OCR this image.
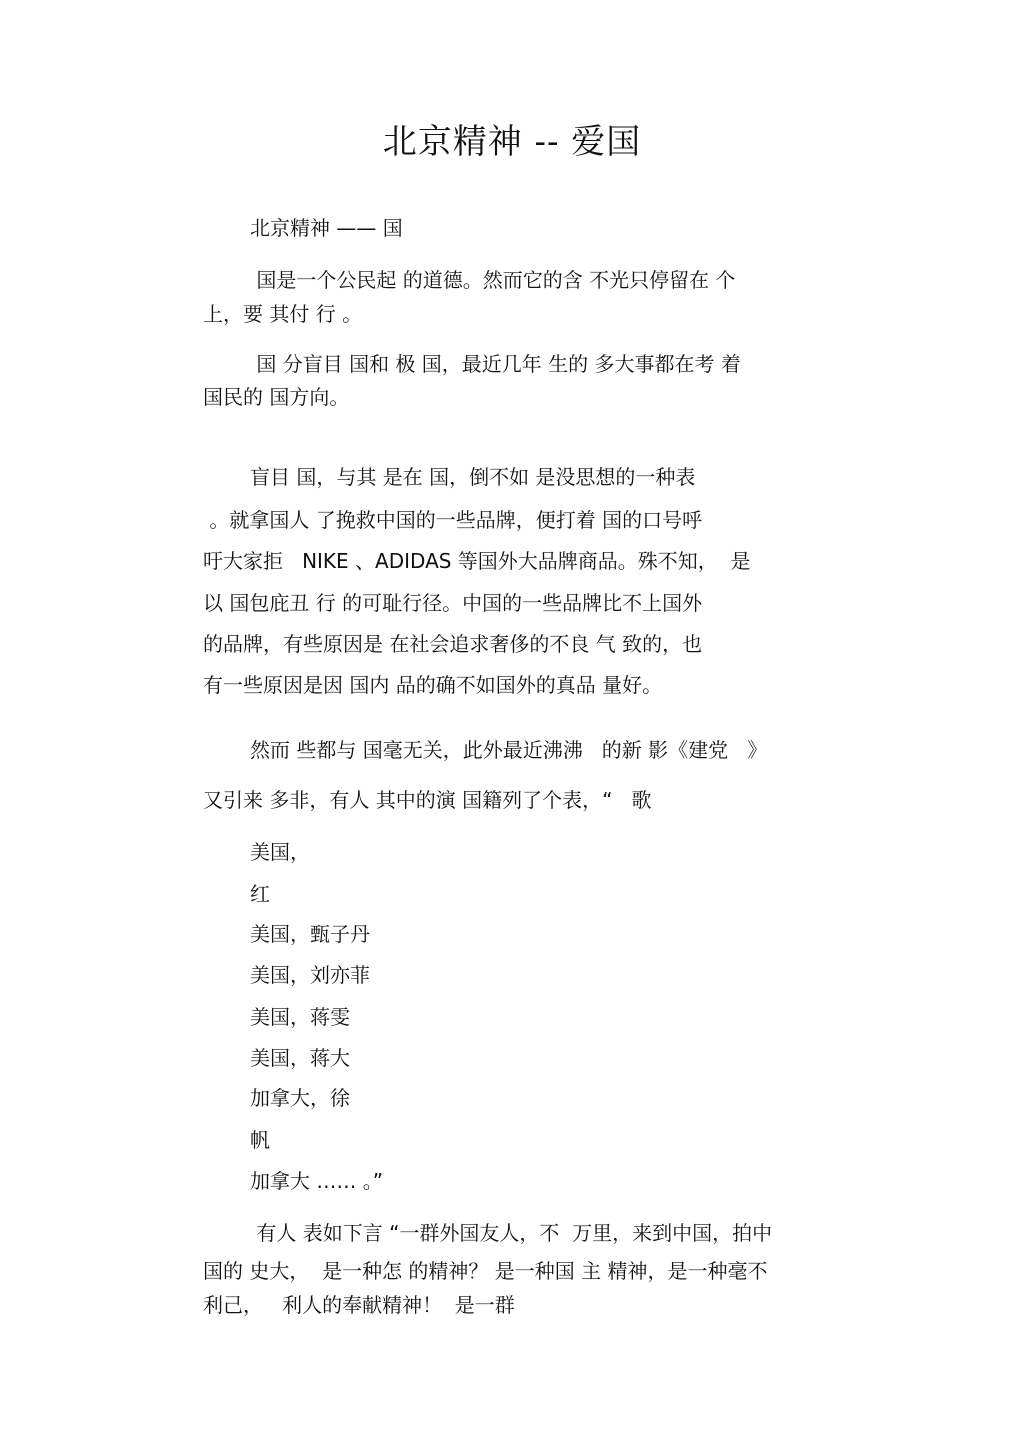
北京精神 -- 爱国
北京精神 —— 国
国是一个公民起 的道德。然而它的含 不光只停留在 个
上，要 其付 行 。
国 分盲目 国和 极 国，最近几年 生的 多大事都在考 着
国民的 国方向。
盲目 国，与其 是在 国，倒不如 是没思想的一种表
。就拿国人 了挽救中国的一些品牌，便打着 国的口号呼
吁大家拒   NIKE 、ADIDAS 等国外大品牌商品。殊不知，  是
以 国包庇丑 行 的可耻行径。中国的一些品牌比不上国外
的品牌，有些原因是 在社会追求奢侈的不良 气 致的，也
有一些原因是因 国内 品的确不如国外的真品 量好。
然而 些都与 国毫无关，此外最近沸沸   的新 影《建党   》
又引来 多非，有人 其中的演 国籍列了个表，“   歌
美国，
红
美国，甄子丹
美国，刘亦菲
美国，蒋雯
美国，蒋大
加拿大，徐
帆
加拿大 …… 。”
有人 表如下言 “一群外国友人，不  万里，来到中国，拍中
国的 史大，  是一种怎 的精神？ 是一种国 主 精神，是一种毫不
利己，   利人的奉献精神！  是一群
